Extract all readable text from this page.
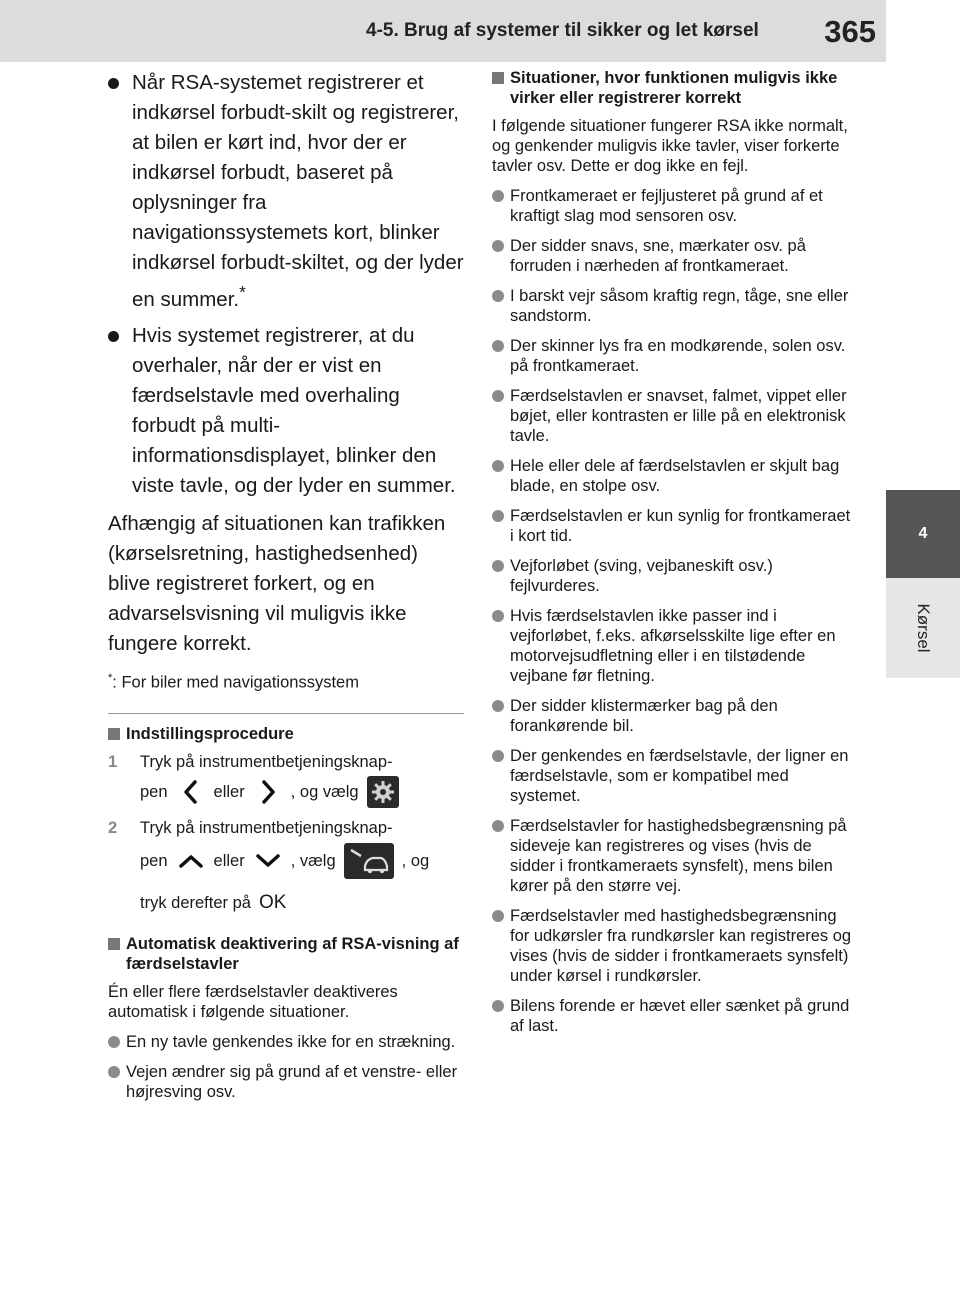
4-5. Brug af systemer til sikker og let kørsel 365
4
Kørsel
Når RSA-systemet registrerer et indkørsel forbudt-skilt og registrerer, at bilen er kørt ind, hvor der er indkørsel forbudt, baseret på oplysninger fra navigationssystemets kort, blinker indkørsel forbudt-skiltet, og der lyder en summer.*
Hvis systemet registrerer, at du overhaler, når der er vist en færdselstavle med overhaling forbudt på multi-informationsdisplayet, blinker den viste tavle, og der lyder en summer.
Afhængig af situationen kan trafikken (kørselsretning, hastighedsenhed) blive registreret forkert, og en advarselsvisning vil muligvis ikke fungere korrekt.
*: For biler med navigationssystem
Indstillingsprocedure
1 Tryk på instrumentbetjeningsknap-
pen	eller	, og vælg
2 Tryk på instrumentbetjeningsknap-
pen	eller	, vælg	, og
tryk derefter på OK
Automatisk deaktivering af RSA-visning af færdselstavler
Én eller flere færdselstavler deaktiveres automatisk i følgende situationer.
En ny tavle genkendes ikke for en strækning.
Vejen ændrer sig på grund af et venstre- eller højresving osv.
Situationer, hvor funktionen muligvis ikke virker eller registrerer korrekt
I følgende situationer fungerer RSA ikke normalt, og genkender muligvis ikke tavler, viser forkerte tavler osv. Dette er dog ikke en fejl.
Frontkameraet er fejljusteret på grund af et kraftigt slag mod sensoren osv.
Der sidder snavs, sne, mærkater osv. på forruden i nærheden af frontkameraet.
I barskt vejr såsom kraftig regn, tåge, sne eller sandstorm.
Der skinner lys fra en modkørende, solen osv. på frontkameraet.
Færdselstavlen er snavset, falmet, vippet eller bøjet, eller kontrasten er lille på en elektronisk tavle.
Hele eller dele af færdselstavlen er skjult bag blade, en stolpe osv.
Færdselstavlen er kun synlig for frontkameraet i kort tid.
Vejforløbet (sving, vejbaneskift osv.) fejlvurderes.
Hvis færdselstavlen ikke passer ind i vejforløbet, f.eks. afkørselsskilte lige efter en motorvejsudfletning eller i en tilstødende vejbane før fletning.
Der sidder klistermærker bag på den forankørende bil.
Der genkendes en færdselstavle, der ligner en færdselstavle, som er kompatibel med systemet.
Færdselstavler for hastighedsbegrænsning på sideveje kan registreres og vises (hvis de sidder i frontkameraets synsfelt), mens bilen kører på den større vej.
Færdselstavler med hastighedsbegrænsning for udkørsler fra rundkørsler kan registreres og vises (hvis de sidder i frontkameraets synsfelt) under kørsel i rundkørsler.
Bilens forende er hævet eller sænket på grund af last.
